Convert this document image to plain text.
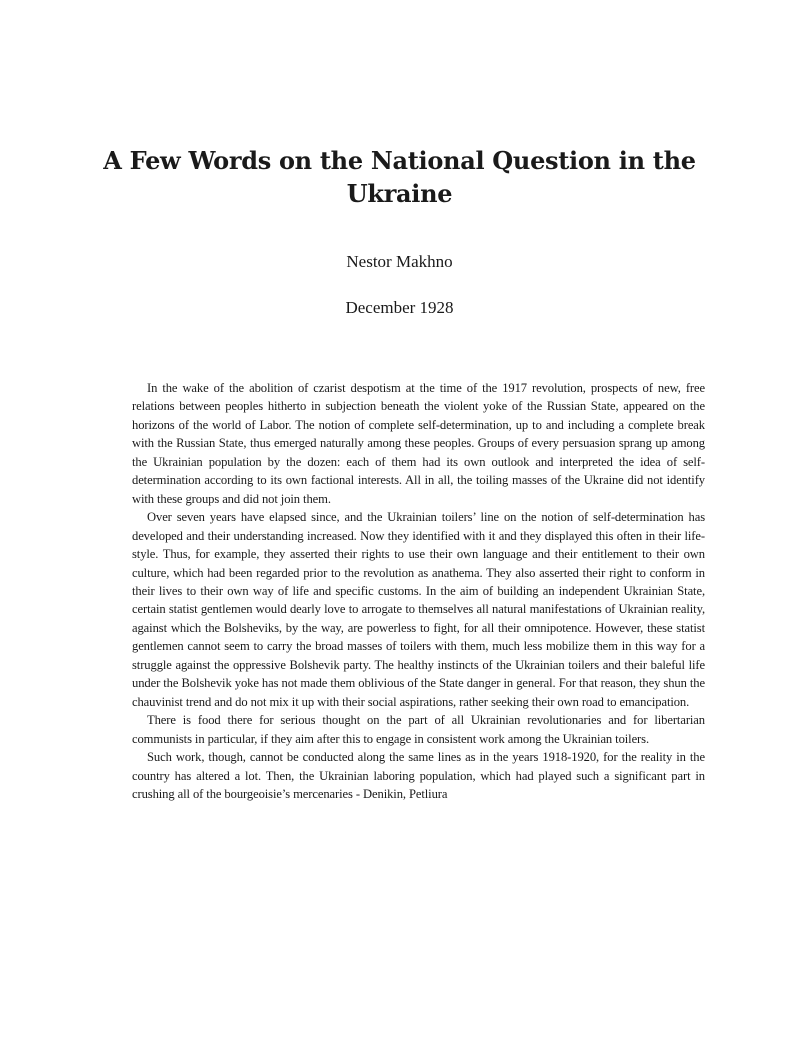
A Few Words on the National Question in the Ukraine
Nestor Makhno
December 1928

In the wake of the abolition of czarist despotism at the time of the 1917 revolution, prospects of new, free relations between peoples hitherto in subjection beneath the violent yoke of the Russian State, appeared on the horizons of the world of Labor. The notion of complete self-determination, up to and including a complete break with the Russian State, thus emerged naturally among these peoples. Groups of every persuasion sprang up among the Ukrainian population by the dozen: each of them had its own outlook and interpreted the idea of self-determination according to its own factional interests. All in all, the toiling masses of the Ukraine did not identify with these groups and did not join them.

Over seven years have elapsed since, and the Ukrainian toilers’ line on the notion of self-determination has developed and their understanding increased. Now they identified with it and they displayed this often in their life-style. Thus, for example, they asserted their rights to use their own language and their entitlement to their own culture, which had been regarded prior to the revolution as anathema. They also asserted their right to conform in their lives to their own way of life and specific customs. In the aim of building an independent Ukrainian State, certain statist gentlemen would dearly love to arrogate to themselves all natural manifestations of Ukrainian reality, against which the Bolsheviks, by the way, are powerless to fight, for all their omnipotence. However, these statist gentlemen cannot seem to carry the broad masses of toilers with them, much less mobilize them in this way for a struggle against the oppressive Bolshevik party. The healthy instincts of the Ukrainian toilers and their baleful life under the Bolshevik yoke has not made them oblivious of the State danger in general. For that reason, they shun the chauvinist trend and do not mix it up with their social aspirations, rather seeking their own road to emancipation.

There is food there for serious thought on the part of all Ukrainian revolutionaries and for libertarian communists in particular, if they aim after this to engage in consistent work among the Ukrainian toilers.

Such work, though, cannot be conducted along the same lines as in the years 1918-1920, for the reality in the country has altered a lot. Then, the Ukrainian laboring population, which had played such a significant part in crushing all of the bourgeoisie’s mercenaries - Denikin, Petliura
